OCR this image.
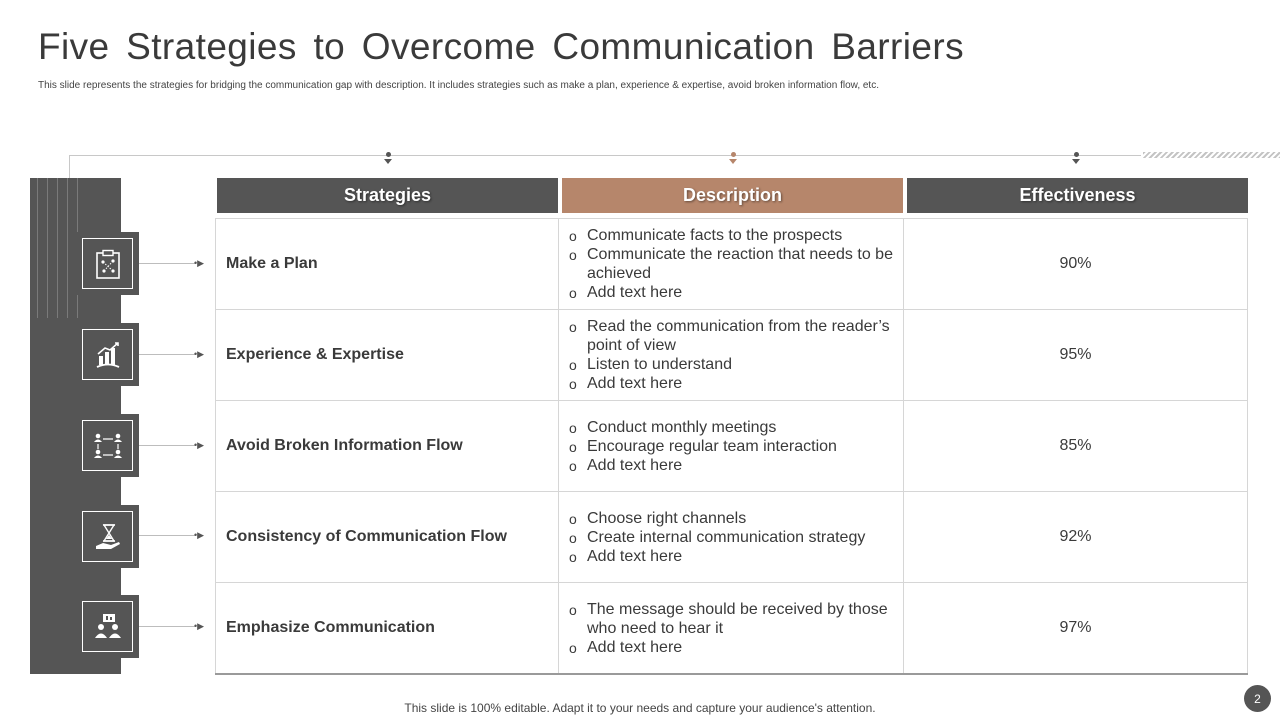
Five Strategies to Overcome Communication Barriers
This slide represents the strategies for bridging the communication gap with description. It includes strategies such as make a plan, experience & expertise, avoid broken information flow, etc.
•▶
•▶
•▶
•▶
•▶
Strategies	Description	Effectiveness
Make a Plan
o Communicate facts to the prospects
o Communicate the reaction that needs to be achieved
o Add text here
90%
Experience & Expertise
o Read the communication from the reader’s point of view
o Listen to understand
o Add text here
95%
Avoid Broken Information Flow
o Conduct monthly meetings
o Encourage regular team interaction
o Add text here
85%
Consistency of Communication Flow
o Choose right channels
o Create internal communication strategy
o Add text here
92%
Emphasize Communication
o The message should be received by those who need to hear it
o Add text here
97%
This slide is 100% editable. Adapt it to your needs and capture your audience's attention.
2
